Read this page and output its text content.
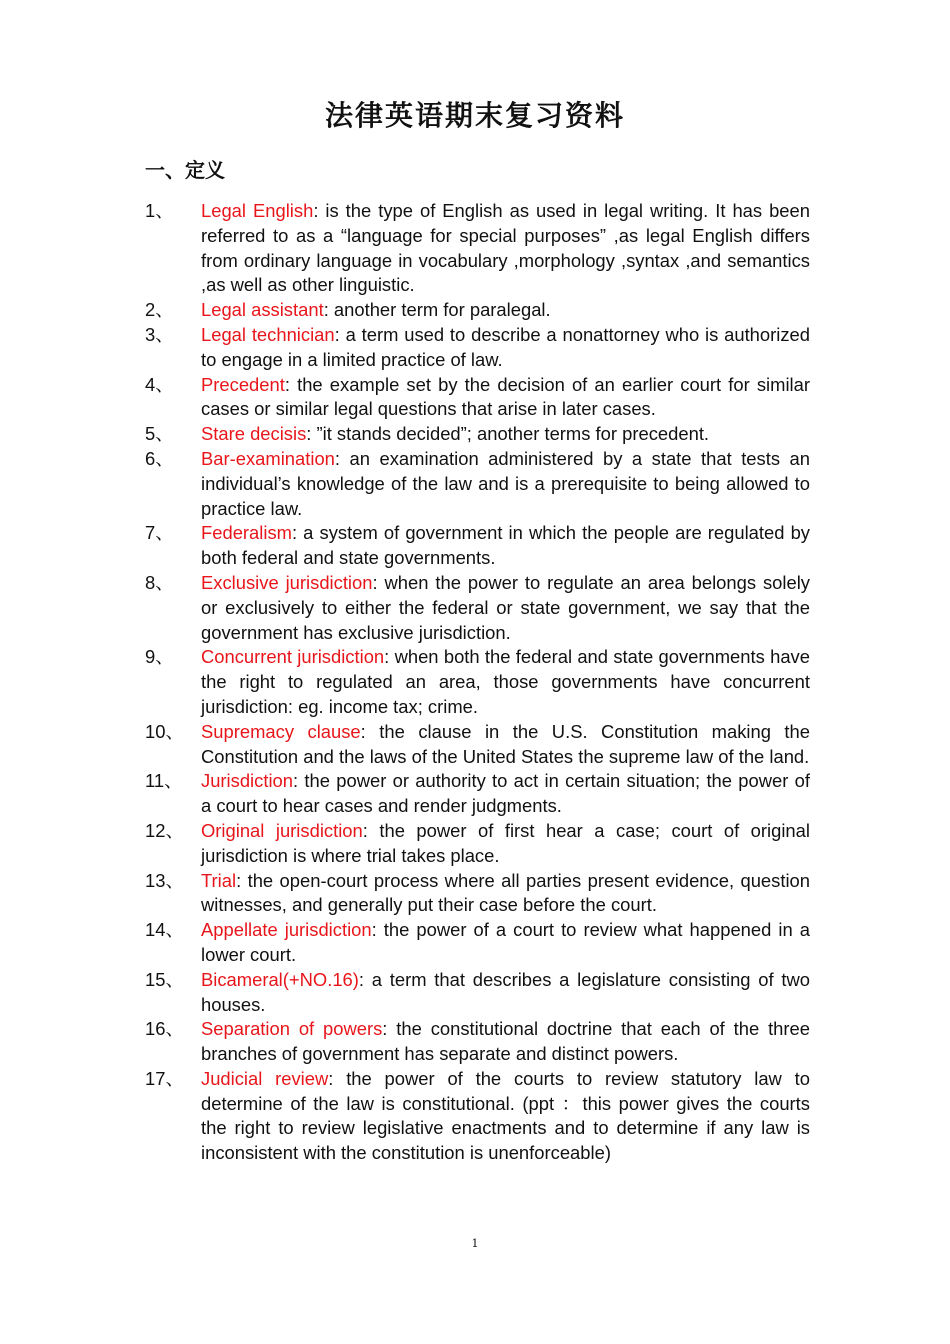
法律英语期末复习资料
一、定义
1、	Legal English: is the type of English as used in legal writing. It has been referred to as a “language for special purposes” ,as legal English differs from ordinary language in vocabulary ,morphology ,syntax ,and semantics ,as well as other linguistic.
2、	Legal assistant: another term for paralegal.
3、	Legal technician: a term used to describe a nonattorney who is authorized to engage in a limited practice of law.
4、	Precedent: the example set by the decision of an earlier court for similar cases or similar legal questions that arise in later cases.
5、	Stare decisis: ”it stands decided”; another terms for precedent.
6、	Bar-examination: an examination administered by a state that tests an individual’s knowledge of the law and is a prerequisite to being allowed to practice law.
7、	Federalism: a system of government in which the people are regulated by both federal and state governments.
8、	Exclusive jurisdiction: when the power to regulate an area belongs solely or exclusively to either the federal or state government, we say that the government has exclusive jurisdiction.
9、	Concurrent jurisdiction: when both the federal and state governments have the right to regulated an area, those governments have concurrent jurisdiction: eg. income tax; crime.
10、 Supremacy clause: the clause in the U.S. Constitution making the Constitution and the laws of the United States the supreme law of the land.
11、	Jurisdiction: the power or authority to act in certain situation; the power of a court to hear cases and render judgments.
12、 Original jurisdiction: the power of first hear a case; court of original jurisdiction is where trial takes place.
13、 Trial: the open-court process where all parties present evidence, question witnesses, and generally put their case before the court.
14、 Appellate jurisdiction: the power of a court to review what happened in a lower court.
15、 Bicameral(+NO.16): a term that describes a legislature consisting of two houses.
16、 Separation of powers: the constitutional doctrine that each of the three branches of government has separate and distinct powers.
17、 Judicial review: the power of the courts to review statutory law to determine of the law is constitutional. (ppt ：this power gives the courts the right to review legislative enactments and to determine if any law is inconsistent with the constitution is unenforceable)
1
